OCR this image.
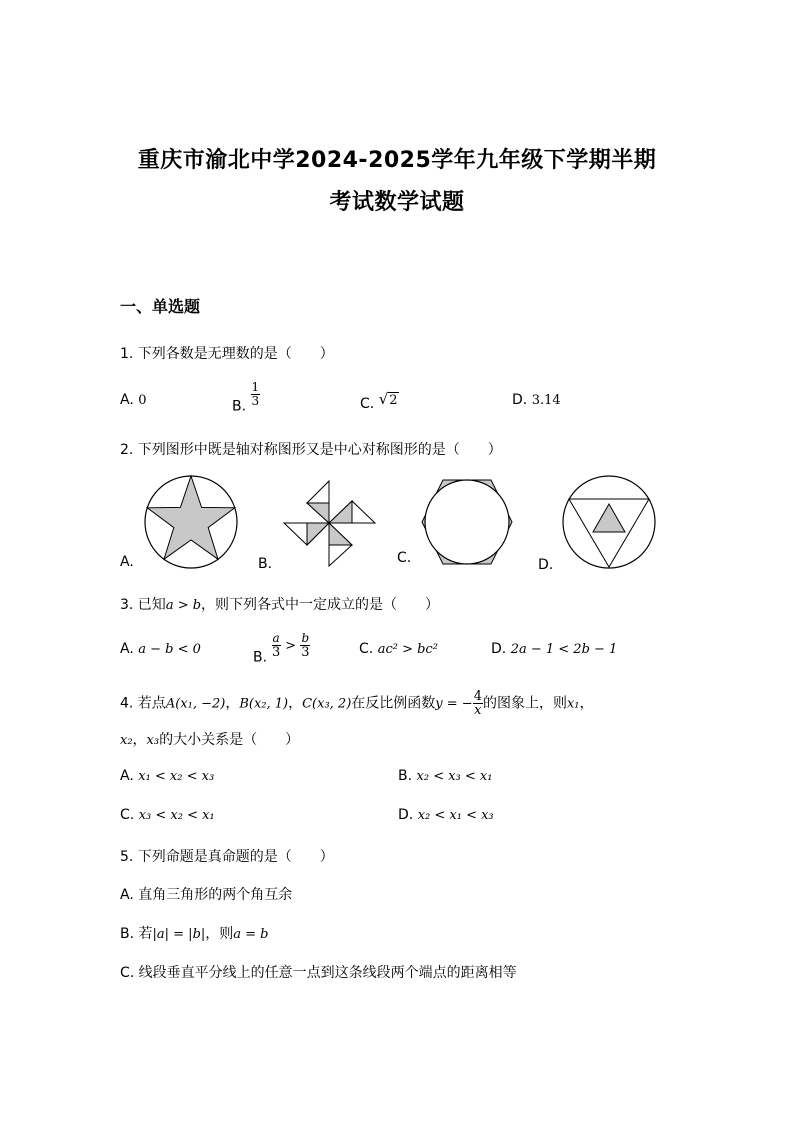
重庆市渝北中学2024-2025学年九年级下学期半期
考试数学试题
一、单选题
1. 下列各数是无理数的是（　　）
A. 0	B. $\frac{1}{3}$	C. √2	D. 3.14
2. 下列图形中既是轴对称图形又是中心对称图形的是（　　）
A.	B.	C.	D.
3. 已知a > b，则下列各式中一定成立的是（　　）
A. a − b < 0	B. $\frac{a}{3} > \frac{b}{3}$	C. ac² > bc²	D. 2a − 1 < 2b − 1
4. 若点A(x₁, −2)，B(x₂, 1)，C(x₃, 2)在反比例函数y = − $\frac{4}{x}$ 的图象上，则x₁，
x₂，x₃的大小关系是（　　）
A. x₁ < x₂ < x₃	B. x₂ < x₃ < x₁
C. x₃ < x₂ < x₁	D. x₂ < x₁ < x₃
5. 下列命题是真命题的是（　　）
A. 直角三角形的两个角互余
B. 若|a| = |b|，则a = b
C. 线段垂直平分线上的任意一点到这条线段两个端点的距离相等
